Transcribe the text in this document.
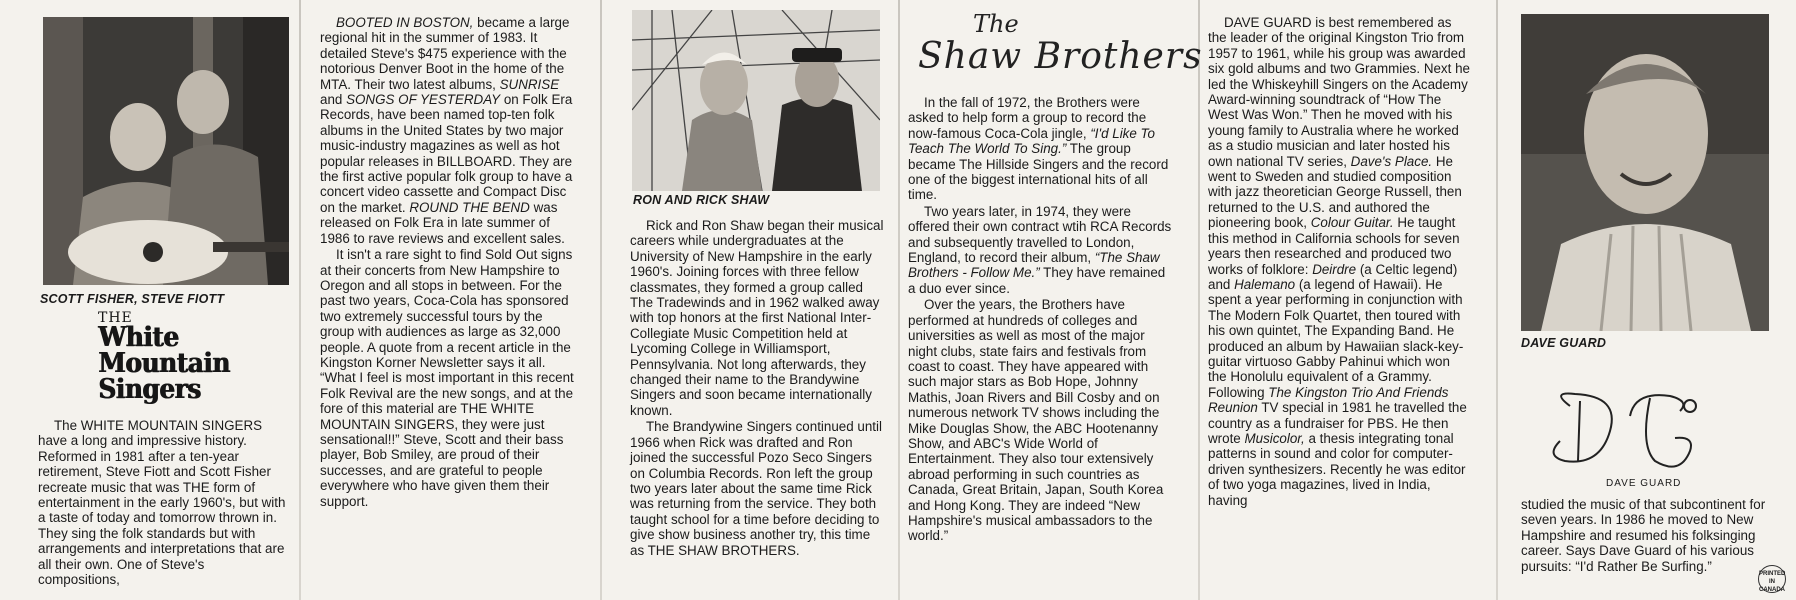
SCOTT FISHER, STEVE FIOTT
THE
White
Mountain
Singers

The WHITE MOUNTAIN SINGERS have a long and impressive history. Reformed in 1981 after a ten-year retirement, Steve Fiott and Scott Fisher recreate music that was THE form of entertainment in the early 1960's, but with a taste of today and tomorrow thrown in. They sing the folk standards but with arrangements and interpretations that are all their own. One of Steve's compositions,

BOOTED IN BOSTON, became a large regional hit in the summer of 1983. It detailed Steve's $475 experience with the notorious Denver Boot in the home of the MTA. Their two latest albums, SUNRISE and SONGS OF YESTERDAY on Folk Era Records, have been named top-ten folk albums in the United States by two major music-industry magazines as well as hot popular releases in BILLBOARD. They are the first active popular folk group to have a concert video cassette and Compact Disc on the market. ROUND THE BEND was released on Folk Era in late summer of 1986 to rave reviews and excellent sales.

It isn't a rare sight to find Sold Out signs at their concerts from New Hampshire to Oregon and all stops in between. For the past two years, Coca-Cola has sponsored two extremely successful tours by the group with audiences as large as 32,000 people. A quote from a recent article in the Kingston Korner Newsletter says it all. “What I feel is most important in this recent Folk Revival are the new songs, and at the fore of this material are THE WHITE MOUNTAIN SINGERS, they were just sensational!!” Steve, Scott and their bass player, Bob Smiley, are proud of their successes, and are grateful to people everywhere who have given them their support.

RON AND RICK SHAW

Rick and Ron Shaw began their musical careers while undergraduates at the University of New Hampshire in the early 1960's. Joining forces with three fellow classmates, they formed a group called The Tradewinds and in 1962 walked away with top honors at the first National Inter-Collegiate Music Competition held at Lycoming College in Williamsport, Pennsylvania. Not long afterwards, they changed their name to the Brandywine Singers and soon became internationally known.

The Brandywine Singers continued until 1966 when Rick was drafted and Ron joined the successful Pozo Seco Singers on Columbia Records. Ron left the group two years later about the same time Rick was returning from the service. They both taught school for a time before deciding to give show business another try, this time as THE SHAW BROTHERS.

The
Shaw Brothers

In the fall of 1972, the Brothers were asked to help form a group to record the now-famous Coca-Cola jingle, “I'd Like To Teach The World To Sing.” The group became The Hillside Singers and the record one of the biggest international hits of all time.

Two years later, in 1974, they were offered their own contract wtih RCA Records and subsequently travelled to London, England, to record their album, “The Shaw Brothers - Follow Me.” They have remained a duo ever since.

Over the years, the Brothers have performed at hundreds of colleges and universities as well as most of the major night clubs, state fairs and festivals from coast to coast. They have appeared with such major stars as Bob Hope, Johnny Mathis, Joan Rivers and Bill Cosby and on numerous network TV shows including the Mike Douglas Show, the ABC Hootenanny Show, and ABC's Wide World of Entertainment. They also tour extensively abroad performing in such countries as Canada, Great Britain, Japan, South Korea and Hong Kong. They are indeed “New Hampshire's musical ambassadors to the world.”

DAVE GUARD is best remembered as the leader of the original Kingston Trio from 1957 to 1961, while his group was awarded six gold albums and two Grammies. Next he led the Whiskeyhill Singers on the Academy Award-winning soundtrack of “How The West Was Won.” Then he moved with his young family to Australia where he worked as a studio musician and later hosted his own national TV series, Dave's Place. He went to Sweden and studied composition with jazz theoretician George Russell, then returned to the U.S. and authored the pioneering book, Colour Guitar. He taught this method in California schools for seven years then researched and produced two works of folklore: Deirdre (a Celtic legend) and Halemano (a legend of Hawaii). He spent a year performing in conjunction with The Modern Folk Quartet, then toured with his own quintet, The Expanding Band. He produced an album by Hawaiian slack-key-guitar virtuoso Gabby Pahinui which won the Honolulu equivalent of a Grammy. Following The Kingston Trio And Friends Reunion TV special in 1981 he travelled the country as a fundraiser for PBS. He then wrote Musicolor, a thesis integrating tonal patterns in sound and color for computer-driven synthesizers. Recently he was editor of two yoga magazines, lived in India, having

DAVE GUARD
DAVE GUARD

studied the music of that subcontinent for seven years. In 1986 he moved to New Hampshire and resumed his folksinging career. Says Dave Guard of his various pursuits: “I'd Rather Be Surfing.”

PRINTED IN CANADA
